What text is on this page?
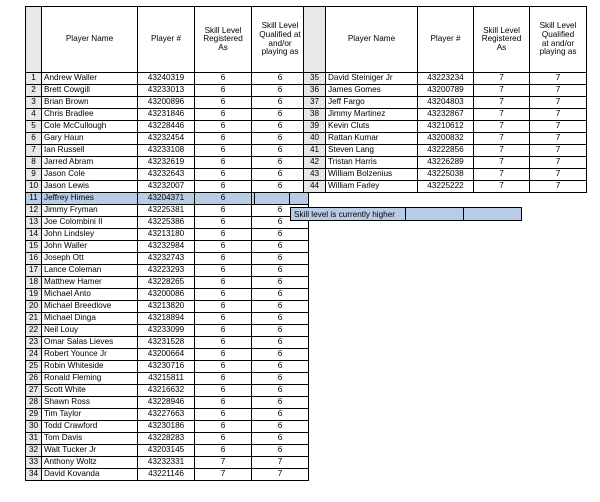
	Player Name	Player #	Skill Level
Registered
As	Skill Level
Qualified at
and/or
playing as
1	Andrew Waller	43240319	6	6
2	Brett Cowgill	43233013	6	6
3	Brian Brown	43200896	6	6
4	Chris Bradlee	43231846	6	6
5	Cole McCullough	43228446	6	6
6	Gary Haun	43232454	6	6
7	Ian Russell	43233108	6	6
8	Jarred Abram	43232619	6	6
9	Jason Cole	43232643	6	6
10	Jason Lewis	43232007	6	6
11	Jeffrey Himes	43204371	6	
12	Jimmy Fryman	43225381	6	6
13	Joe Colombini II	43225386	6	6
14	John Lindsley	43213180	6	6
15	John Waller	43232984	6	6
16	Joseph Ott	43232743	6	6
17	Lance Coleman	43223293	6	6
18	Matthew Hamer	43228265	6	6
19	Michael Anto	43200086	6	6
20	Michael Breedlove	43213820	6	6
21	Michael Dinga	43218894	6	6
22	Neil Louy	43233099	6	6
23	Omar Salas Lieves	43231528	6	6
24	Robert Younce Jr	43200664	6	6
25	Robin Whiteside	43230716	6	6
26	Ronald Fleming	43215811	6	6
27	Scott White	43216632	6	6
28	Shawn Ross	43228946	6	6
29	Tim Taylor	43227663	6	6
30	Todd Crawford	43230186	6	6
31	Tom Davis	43228283	6	6
32	Walt Tucker Jr	43203145	6	6
33	Anthony Woltz	43232331	7	7
34	David Kovanda	43221146	7	7
	Player Name	Player #	Skill Level
Registered
As	Skill Level
Qualified
at and/or
playing as
35	David Steiniger Jr	43223234	7	7
36	James Gomes	43200789	7	7
37	Jeff Fargo	43204803	7	7
38	Jimmy Martinez	43232867	7	7
39	Kevin Cluts	43210612	7	7
40	Rattan Kumar	43200832	7	7
41	Steven Lang	43222856	7	7
42	Tristan Harris	43226289	7	7
43	William Bolzenius	43225038	7	7
44	William Farley	43225222	7	7
Skill level is currently higher		
